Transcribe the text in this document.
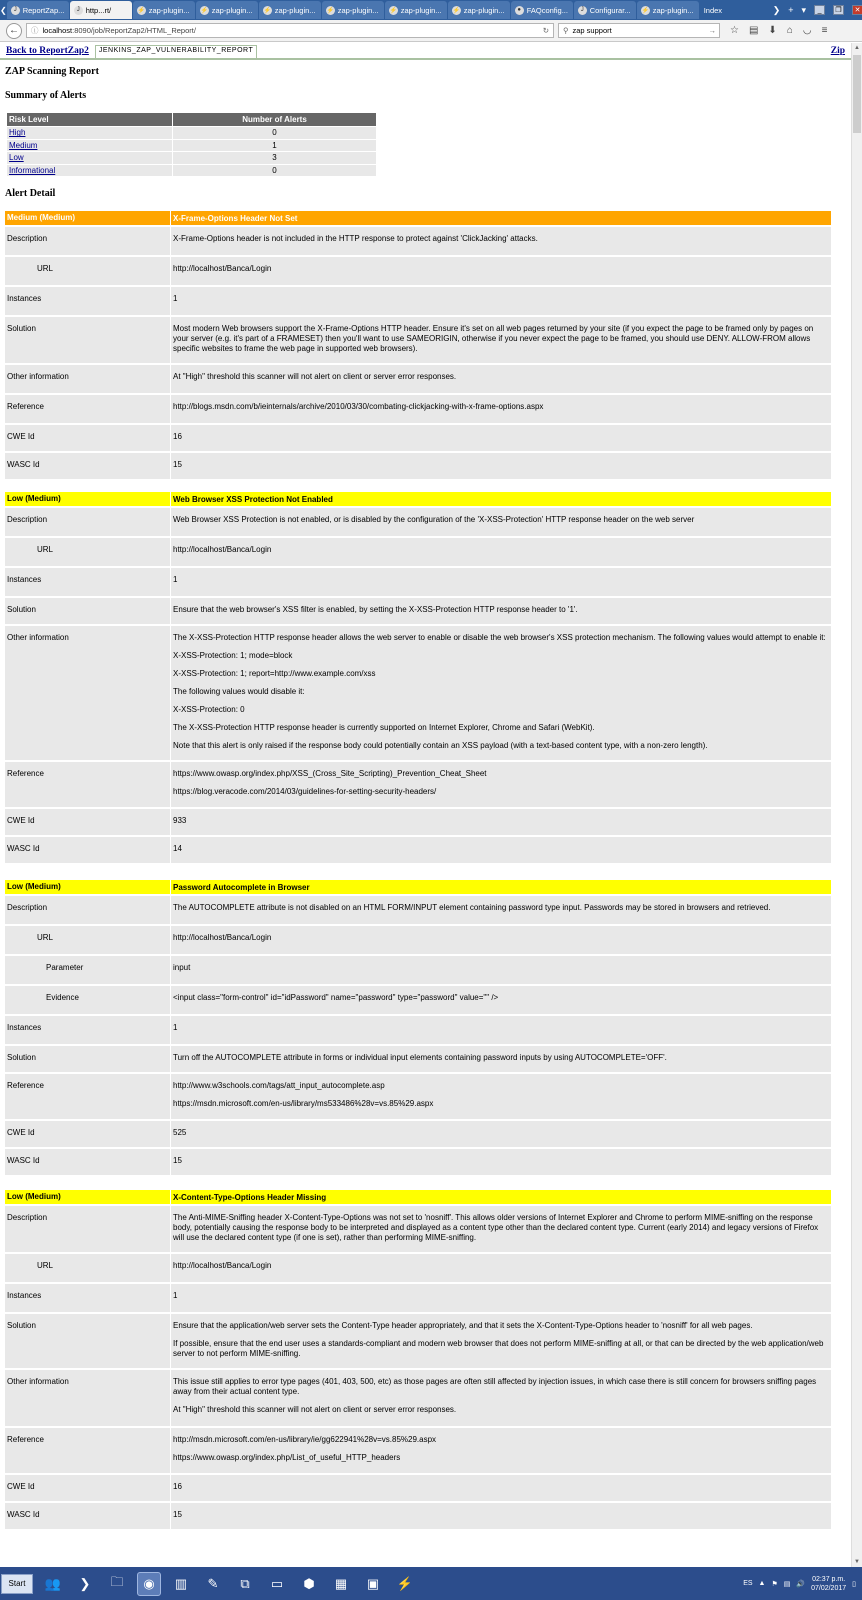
❮	J ReportZap...	J http...rt/	⚡ zap-plugin... ⚡ zap-plugin... ⚡ zap-plugin... ⚡ zap-plugin... ⚡ zap-plugin... ⚡ zap-plugin...	● FAQconfig...	J Configurar... ⚡ zap-plugin... Index	❯ + ▾	_	❐	✕
←	ⓘ localhost :8090/job/ReportZap2/HTML_Report/	↻ ⚲ zap support	→ ☆ ▤ ⬇ ⌂ ◡ ≡
Back to ReportZap2	JENKINS_ZAP_VULNERABILITY_REPORT	Zip
ZAP Scanning Report
Summary of Alerts
Risk Level	Number of Alerts
High	0
Medium	1
Low	3
Informational	0
Alert Detail
Medium (Medium)	X-Frame-Options Header Not Set
Description	X-Frame-Options header is not included in the HTTP response to protect against 'ClickJacking' attacks.
URL	http://localhost/Banca/Login
Instances	1
Solution	Most modern Web browsers support the X-Frame-Options HTTP header. Ensure it's set on all web pages returned by your site (if you expect the page to be framed only by pages on your server (e.g. it's part of a FRAMESET) then you'll want to use SAMEORIGIN, otherwise if you never expect the page to be framed, you should use DENY. ALLOW-FROM allows specific websites to frame the web page in supported web browsers).
Other information	At "High" threshold this scanner will not alert on client or server error responses.
Reference	http://blogs.msdn.com/b/ieinternals/archive/2010/03/30/combating-clickjacking-with-x-frame-options.aspx

CWE Id	16
WASC Id	15
Low (Medium)	Web Browser XSS Protection Not Enabled
Description	Web Browser XSS Protection is not enabled, or is disabled by the configuration of the 'X-XSS-Protection' HTTP response header on the web server
URL	http://localhost/Banca/Login
Instances	1
Solution	Ensure that the web browser's XSS filter is enabled, by setting the X-XSS-Protection HTTP response header to '1'.
Other information	The X-XSS-Protection HTTP response header allows the web server to enable or disable the web browser's XSS protection mechanism. The following values would attempt to enable it:

X-XSS-Protection: 1; mode=block

X-XSS-Protection: 1; report=http://www.example.com/xss

The following values would disable it:

X-XSS-Protection: 0

The X-XSS-Protection HTTP response header is currently supported on Internet Explorer, Chrome and Safari (WebKit).

Note that this alert is only raised if the response body could potentially contain an XSS payload (with a text-based content type, with a non-zero length).

Reference	https://www.owasp.org/index.php/XSS_(Cross_Site_Scripting)_Prevention_Cheat_Sheet

https://blog.veracode.com/2014/03/guidelines-for-setting-security-headers/

CWE Id	933
WASC Id	14
Low (Medium)	Password Autocomplete in Browser
Description	The AUTOCOMPLETE attribute is not disabled on an HTML FORM/INPUT element containing password type input. Passwords may be stored in browsers and retrieved.
URL	http://localhost/Banca/Login
Parameter	input
Evidence	<input class="form-control" id="idPassword" name="password" type="password" value="" />
Instances	1
Solution	Turn off the AUTOCOMPLETE attribute in forms or individual input elements containing password inputs by using AUTOCOMPLETE='OFF'.
Reference	http://www.w3schools.com/tags/att_input_autocomplete.asp

https://msdn.microsoft.com/en-us/library/ms533486%28v=vs.85%29.aspx

CWE Id	525
WASC Id	15
Low (Medium)	X-Content-Type-Options Header Missing
Description	The Anti-MIME-Sniffing header X-Content-Type-Options was not set to 'nosniff'. This allows older versions of Internet Explorer and Chrome to perform MIME-sniffing on the response body, potentially causing the response body to be interpreted and displayed as a content type other than the declared content type. Current (early 2014) and legacy versions of Firefox will use the declared content type (if one is set), rather than performing MIME-sniffing.
URL	http://localhost/Banca/Login
Instances	1
Solution	Ensure that the application/web server sets the Content-Type header appropriately, and that it sets the X-Content-Type-Options header to 'nosniff' for all web pages.

If possible, ensure that the end user uses a standards-compliant and modern web browser that does not perform MIME-sniffing at all, or that can be directed by the web application/web server to not perform MIME-sniffing.

Other information	This issue still applies to error type pages (401, 403, 500, etc) as those pages are often still affected by injection issues, in which case there is still concern for browsers sniffing pages away from their actual content type.

At "High" threshold this scanner will not alert on client or server error responses.

Reference	http://msdn.microsoft.com/en-us/library/ie/gg622941%28v=vs.85%29.aspx

https://www.owasp.org/index.php/List_of_useful_HTTP_headers

CWE Id	16
WASC Id	15
▲
▼
Start	👥	❯	🗀	◉	▥	✎	⧉	▭	⬢	▦	▣	⚡	ES ▲ ⚑ ▤ 🔊
02:37 p.m.
07/02/2017
▯
